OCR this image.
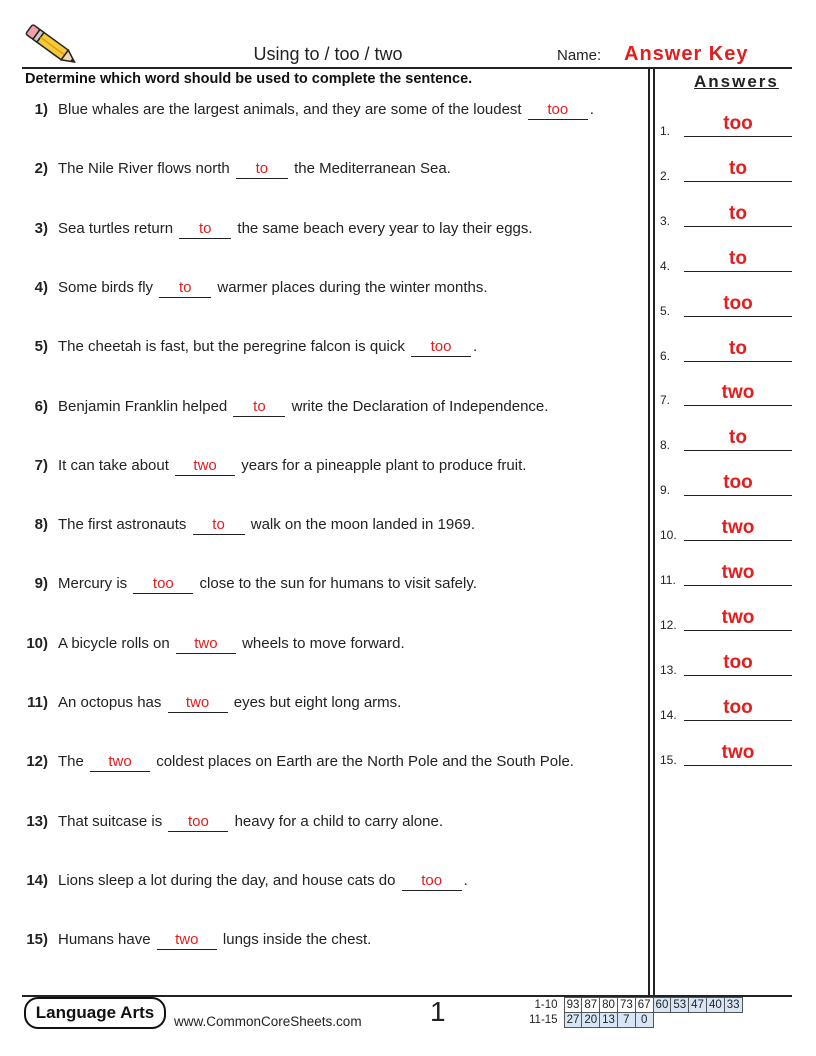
Using to / too / two	Name: Answer Key
Determine which word should be used to complete the sentence.	Answers
1) Blue whales are the largest animals, and they are some of the loudest too .
2) The Nile River flows north to the Mediterranean Sea.
3) Sea turtles return to the same beach every year to lay their eggs.
4) Some birds fly to warmer places during the winter months.
5) The cheetah is fast, but the peregrine falcon is quick too .
6) Benjamin Franklin helped to write the Declaration of Independence.
7) It can take about two years for a pineapple plant to produce fruit.
8) The first astronauts to walk on the moon landed in 1969.
9) Mercury is too close to the sun for humans to visit safely.
10) A bicycle rolls on two wheels to move forward.
11) An octopus has two eyes but eight long arms.
12) The two coldest places on Earth are the North Pole and the South Pole.
13) That suitcase is too heavy for a child to carry alone.
14) Lions sleep a lot during the day, and house cats do too .
15) Humans have two lungs inside the chest.
1.	too
2.	to
3.	to
4.	to
5.	too
6.	to
7.	two
8.	to
9.	too
10.	two
11.	two
12.	two
13.	too
14.	too
15.	two
Language Arts	www.CommonCoreSheets.com 1	1-10	93	87	80	73	67	60	53	47	40	33
11-15	27	20	13	7	0					
